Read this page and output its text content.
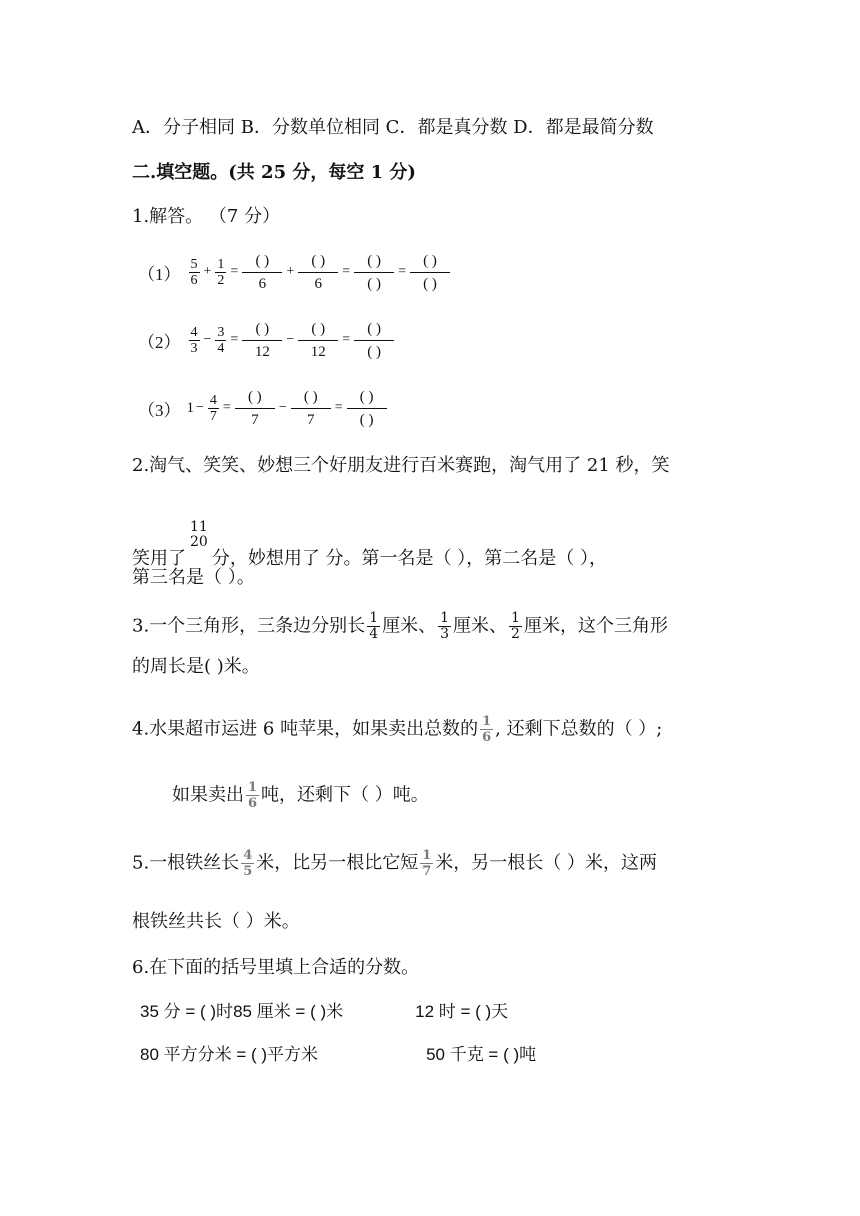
A．分子相同 B．分数单位相同 C．都是真分数 D．都是最简分数
二.填空题。(共 25 分，每空 1 分)
1.解答。 （7 分）
$(1) \frac{5}{6} + \frac{1}{2} = \frac{( )}{6} + \frac{( )}{6} = \frac{( )}{( )} = \frac{( )}{( )}$
$(2) \frac{4}{3} - \frac{3}{4} = \frac{( )}{12} - \frac{( )}{12} = \frac{( )}{( )}$
（3） $1 - \frac{4}{7} = \frac{( )}{7} - \frac{( )}{7} = \frac{( )}{( )}$
2.淘气、笑笑、妙想三个好朋友进行百米赛跑，淘气用了 21 秒，笑
笑用了
11
20
分，妙想用了 分。第一名是（ ），第二名是（ ），
第三名是（ ）。
3.一个三角形，三条边分别长 $\frac{1}{4}$ 厘米、 $\frac{1}{3}$ 厘米、 $\frac{1}{2}$ 厘米，这个三角形
的周长是( )米。
4.水果超市运进 6 吨苹果，如果卖出总数的 $\frac{1}{6}$ , 还剩下总数的（ ）;
如果卖出 $\frac{1}{6}$ 吨，还剩下（ ）吨。
5.一根铁丝长 $\frac{4}{5}$ 米，比另一根比它短 $\frac{1}{7}$ 米，另一根长（ ）米，这两
根铁丝共长（ ）米。
6.在下面的括号里填上合适的分数。
35 分 = ( )时85 厘米 = ( )米	12 时 = ( )天
80 平方分米 = ( )平方米	50 千克 = ( )吨
